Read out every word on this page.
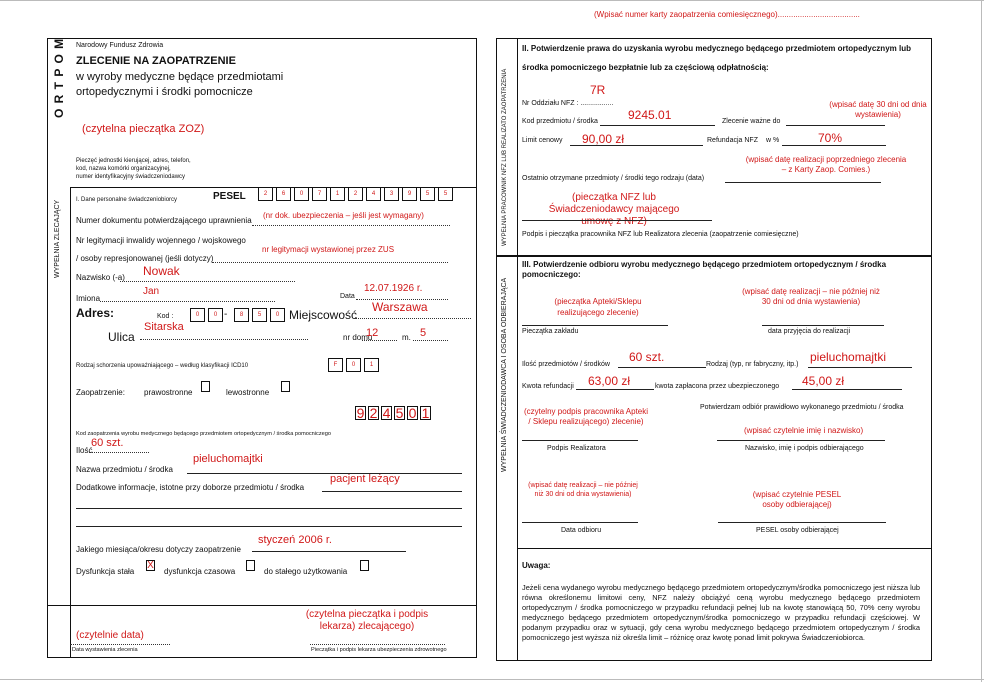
(Wpisać numer karty zaopatrzenia comiesięcznego).....................................
O R T P O M Narodowy Fundusz Zdrowia
ZLECENIE NA ZAOPATRZENIE
w wyroby medyczne będące przedmiotami
ortopedycznymi i środki pomocnicze
(czytelna pieczątka ZOZ)
Pieczęć jednostki kierującej, adres, telefon,
kod, nazwa komórki organizacyjnej,
numer identyfikacyjny świadczeniodawcy
WYPEŁNIA ZLECAJĄCY	I. Dane personalne świadczeniobiorcy	PESEL	2	6	0	7	1	2	4	3	9	5	5
Numer dokumentu potwierdzającego uprawnienia
(nr dok. ubezpieczenia – jeśli jest wymagany)
Nr legitymacji inwalidy wojennego / wojskowego
nr legitymacji wystawionej przez ZUS
/ osoby represjonowanej (jeśli dotyczy)
Nazwisko (-a) Nowak
Imiona
Jan	Data
12.07.1926 r.
Adres:	Kod :	0	0 -	8	5	0 Miejscowość
Warszawa
Ulica
Sitarska
nr domu
12	m. 5
Rodzaj schorzenia upoważniającego – według klasyfikacji ICD10	F	0	1
Zaopatrzenie: prawostronne	lewostronne
9 2 4 5 0 1
Kod zaopatrzenia wyrobu medycznego będącego przedmiotem ortopedycznym / środka pomocniczego
Ilość
60 szt.
Nazwa przedmiotu / środka
pieluchomajtki
Dodatkowe informacje, istotne przy doborze przedmiotu / środka
pacjent leżący
Jakiego miesiąca/okresu dotyczy zaopatrzenie
styczeń 2006 r.
Dysfunkcja stała
X
dysfunkcja czasowa	do stałego użytkowania
(czytelna pieczątka i podpis lekarza) zlecającego)
(czytelnie data)
Data wystawienia zlecenia	Pieczątka i podpis lekarza ubezpieczenia zdrowotnego
WYPEŁNIA PRACOWNIK NFZ LUB REALIZATO ZAOPATRZENIA
II. Potwierdzenie prawa do uzyskania wyrobu medycznego będącego przedmiotem ortopedycznym lub
środka pomocniczego bezpłatnie lub za częściową odpłatnością:
Nr Oddziału NFZ : .................
7R
Kod przedmiotu / środka	9245.01	Zlecenie ważne do
(wpisać datę 30 dni od dnia wystawienia)
Limit cenowy 90,00 zł	Refundacja NFZ w %	70%
(wpisać datę realizacji poprzedniego zlecenia – z Karty Zaop. Comies.)
Ostatnio otrzymane przedmioty / środki tego rodzaju (data)
(pieczątka NFZ lub Świadczeniodawcy mającego umowę z NFZ)
Podpis i pieczątka pracownika NFZ lub Realizatora zlecenia (zaopatrzenie comiesięczne)
WYPEŁNIA ŚWIADCZENIODAWCA I OSOBA ODBIERAJĄCA
III. Potwierdzenie odbioru wyrobu medycznego będącego przedmiotem ortopedycznym / środka
pomocniczego:
(pieczątka Apteki/Sklepu realizującego zlecenie)
(wpisać datę realizacji – nie później niż 30 dni od dnia wystawienia)
Pieczątka zakładu	data przyjęcia do realizacji
Ilość przedmiotów / środków
60 szt.
Rodzaj (typ, nr fabryczny, itp.)
pieluchomajtki
Kwota refundacji 63,00 zł	kwota zapłacona przez ubezpieczonego 45,00 zł
Potwierdzam odbiór prawidłowo wykonanego przedmiotu / środka
(czytelny podpis pracownika Apteki / Sklepu realizującego) zlecenie)
(wpisać czytelnie imię i nazwisko)
Podpis Realizatora	Nazwisko, imię i podpis odbierającego
(wpisać datę realizacji – nie później niż 30 dni od dnia wystawienia)	(wpisać czytelnie PESEL osoby odbierającej)
Data odbioru	PESEL osoby odbierającej
Uwaga:
Jeżeli cena wydanego wyrobu medycznego będącego przedmiotem ortopedycznym/środka pomocniczego jest niższa lub równa określonemu limitowi ceny, NFZ należy obciążyć ceną wyrobu medycznego będącego przedmiotem ortopedycznym / środka pomocniczego w przypadku refundacji pełnej lub na kwotę stanowiącą 50, 70% ceny wyrobu medycznego będącego przedmiotem ortopedycznym/środka pomocniczego w przypadku refundacji częściowej. W podanym przypadku oraz w sytuacji, gdy cena wyrobu medycznego będącego przedmiotem ortopedycznym / środka pomocniczego jest wyższa niż określa limit – różnicę oraz kwotę ponad limit pokrywa Świadczeniobiorca.
